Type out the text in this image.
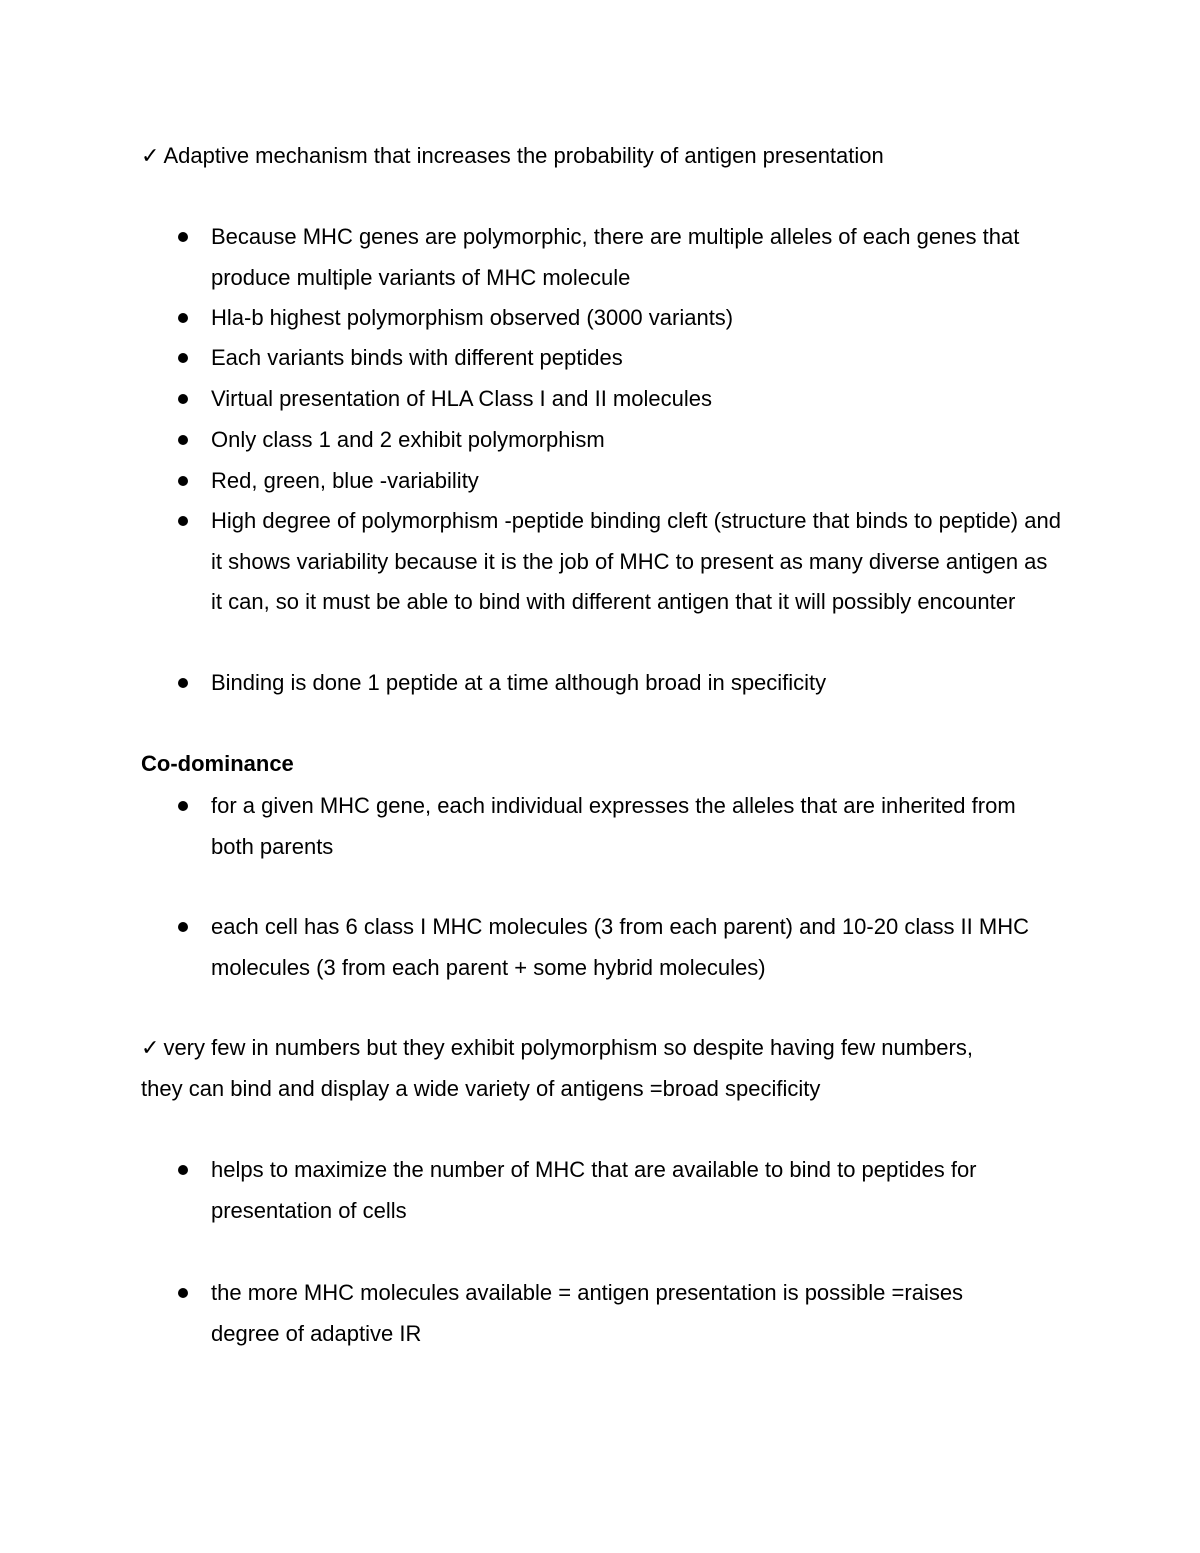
✓ Adaptive mechanism that increases the probability of antigen presentation
Because MHC genes are polymorphic, there are multiple alleles of each genes that produce multiple variants of MHC molecule
Hla-b highest polymorphism observed (3000 variants)
Each variants binds with different peptides
Virtual presentation of HLA Class I and II molecules
Only class 1 and 2 exhibit polymorphism
Red, green, blue -variability
High degree of polymorphism -peptide binding cleft (structure that binds to peptide) and it shows variability because it is the job of MHC to present as many diverse antigen as it can, so it must be able to bind with different antigen that it will possibly encounter
Binding is done 1 peptide at a time although broad in specificity
Co-dominance
for a given MHC gene, each individual expresses the alleles that are inherited from both parents
each cell has 6 class I MHC molecules (3 from each parent) and 10-20 class II MHC molecules (3 from each parent + some hybrid molecules)
✓ very few in numbers but they exhibit polymorphism so despite having few numbers,
they can bind and display a wide variety of antigens =broad specificity
helps to maximize the number of MHC that are available to bind to peptides for presentation of cells
the more MHC molecules available = antigen presentation is possible =raises degree of adaptive IR
